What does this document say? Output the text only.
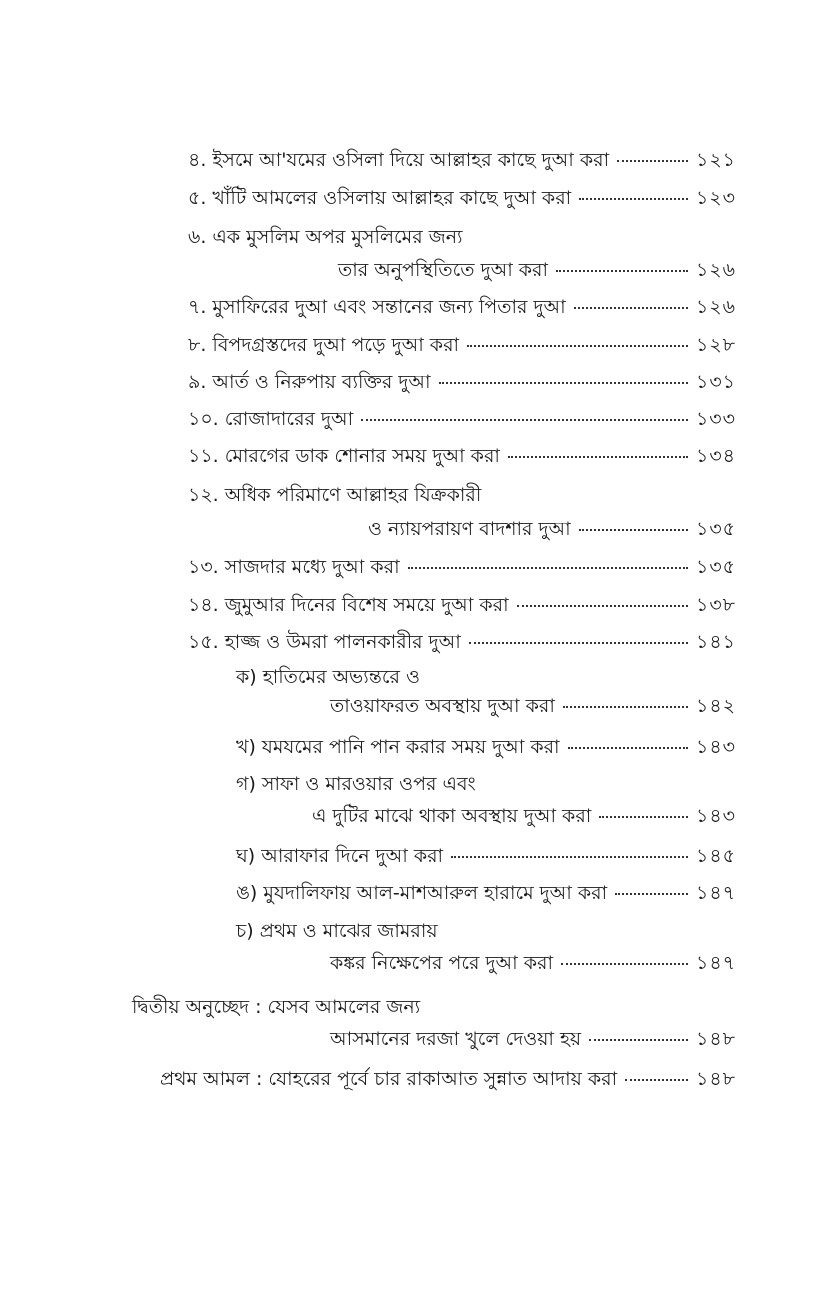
৪. ইসমে আ'যমের ওসিলা দিয়ে আল্লাহর কাছে দুআ করা	১২১
৫. খাঁটি আমলের ওসিলায় আল্লাহর কাছে দুআ করা	১২৩
৬. এক মুসলিম অপর মুসলিমের জন্য
তার অনুপস্থিতিতে দুআ করা	১২৬
৭. মুসাফিরের দুআ এবং সন্তানের জন্য পিতার দুআ	১২৬
৮. বিপদগ্রস্তদের দুআ পড়ে দুআ করা	১২৮
৯. আর্ত ও নিরুপায় ব্যক্তির দুআ	১৩১
১০. রোজাদারের দুআ	১৩৩
১১. মোরগের ডাক শোনার সময় দুআ করা	১৩৪
১২. অধিক পরিমাণে আল্লাহর যিক্রকারী
ও ন্যায়পরায়ণ বাদশার দুআ	১৩৫
১৩. সাজদার মধ্যে দুআ করা	১৩৫
১৪. জুমুআর দিনের বিশেষ সময়ে দুআ করা	১৩৮
১৫. হাজ্জ ও উমরা পালনকারীর দুআ	১৪১
ক) হাতিমের অভ্যন্তরে ও
তাওয়াফরত অবস্থায় দুআ করা	১৪২
খ) যমযমের পানি পান করার সময় দুআ করা	১৪৩
গ) সাফা ও মারওয়ার ওপর এবং
এ দুটির মাঝে থাকা অবস্থায় দুআ করা	১৪৩
ঘ) আরাফার দিনে দুআ করা	১৪৫
ঙ) মুযদালিফায় আল-মাশআরুল হারামে দুআ করা	১৪৭
চ) প্রথম ও মাঝের জামরায়
কঙ্কর নিক্ষেপের পরে দুআ করা	১৪৭
দ্বিতীয় অনুচ্ছেদ : যেসব আমলের জন্য
আসমানের দরজা খুলে দেওয়া হয়	১৪৮
প্রথম আমল : যোহরের পূর্বে চার রাকাআত সুন্নাত আদায় করা	১৪৮
